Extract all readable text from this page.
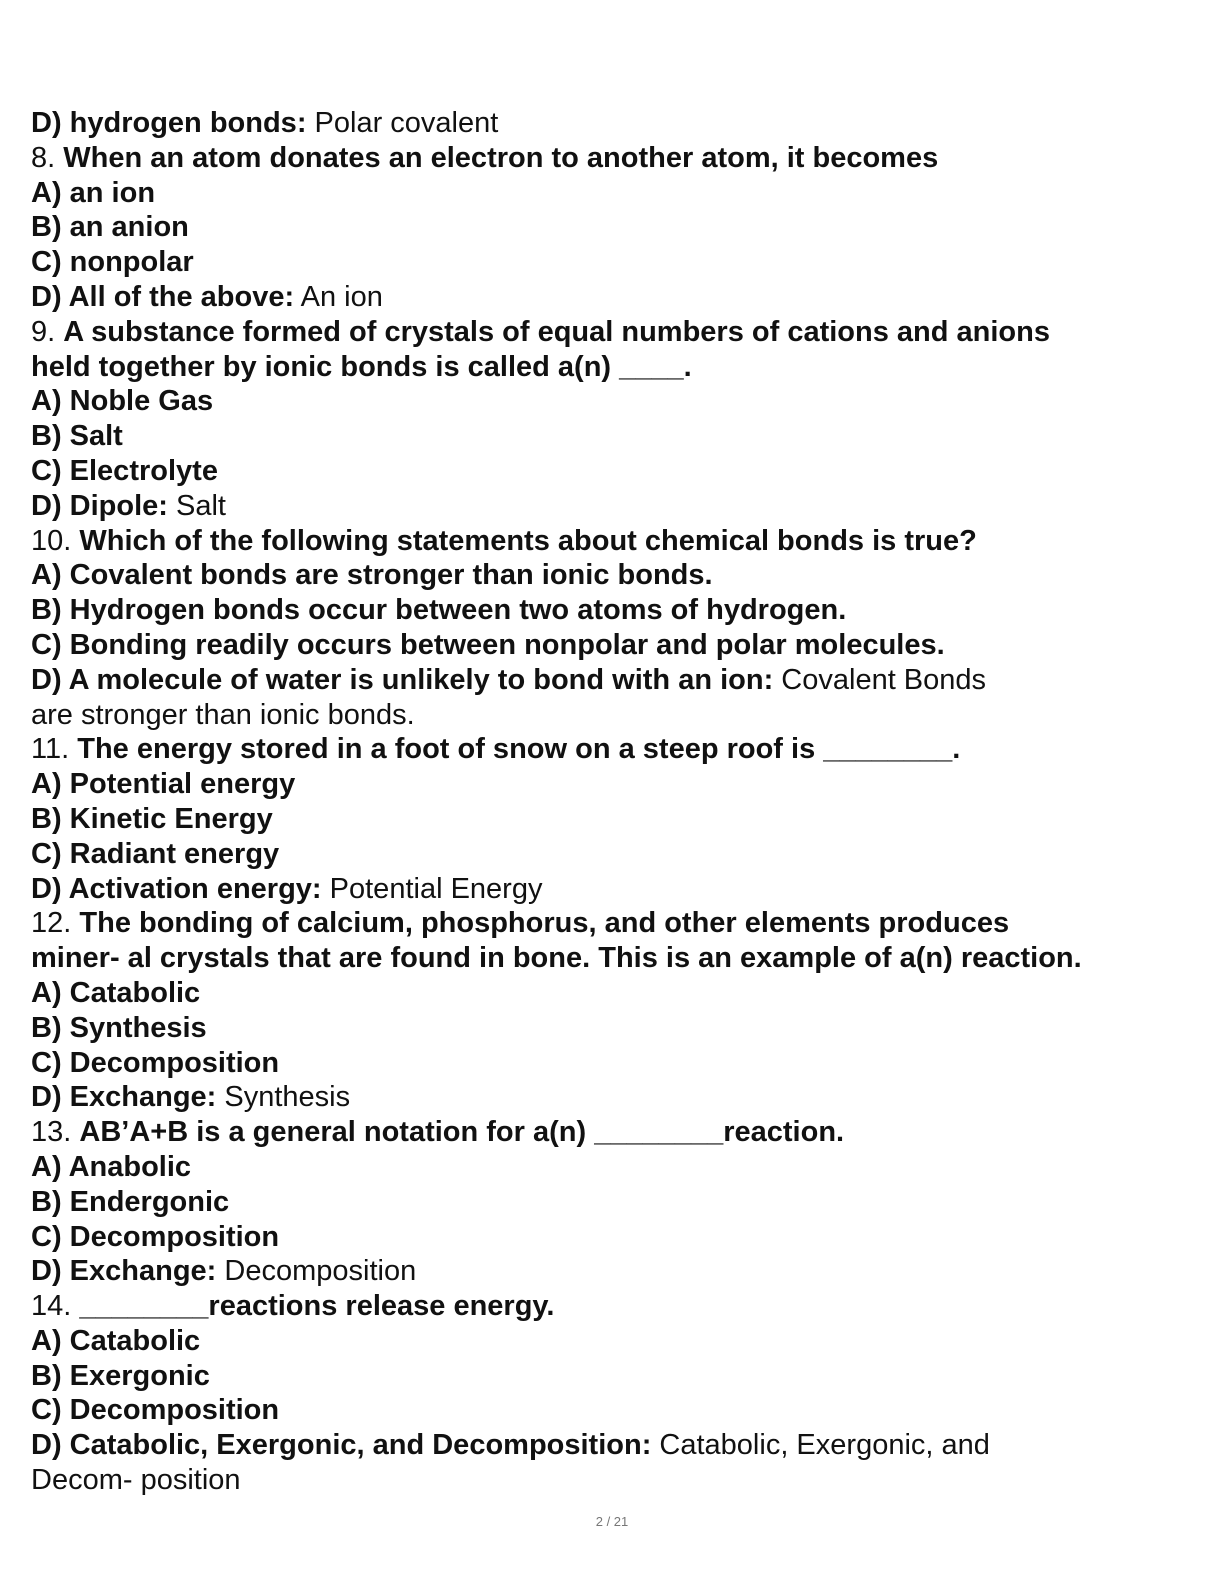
D) hydrogen bonds: Polar covalent
8. When an atom donates an electron to another atom, it becomes
A) an ion
B) an anion
C) nonpolar
D) All of the above: An ion
9. A substance formed of crystals of equal numbers of cations and anions
held together by ionic bonds is called a(n) ____.
A) Noble Gas
B) Salt
C) Electrolyte
D) Dipole: Salt
10. Which of the following statements about chemical bonds is true?
A) Covalent bonds are stronger than ionic bonds.
B) Hydrogen bonds occur between two atoms of hydrogen.
C) Bonding readily occurs between nonpolar and polar molecules.
D) A molecule of water is unlikely to bond with an ion: Covalent Bonds
are stronger than ionic bonds.
11. The energy stored in a foot of snow on a steep roof is ________.
A) Potential energy
B) Kinetic Energy
C) Radiant energy
D) Activation energy: Potential Energy
12. The bonding of calcium, phosphorus, and other elements produces
miner- al crystals that are found in bone. This is an example of a(n) reaction.
A) Catabolic
B) Synthesis
C) Decomposition
D) Exchange: Synthesis
13. AB’A+B is a general notation for a(n) ________reaction.
A) Anabolic
B) Endergonic
C) Decomposition
D) Exchange: Decomposition
14. ________reactions release energy.
A) Catabolic
B) Exergonic
C) Decomposition
D) Catabolic, Exergonic, and Decomposition: Catabolic, Exergonic, and
Decom- position
2 / 21
